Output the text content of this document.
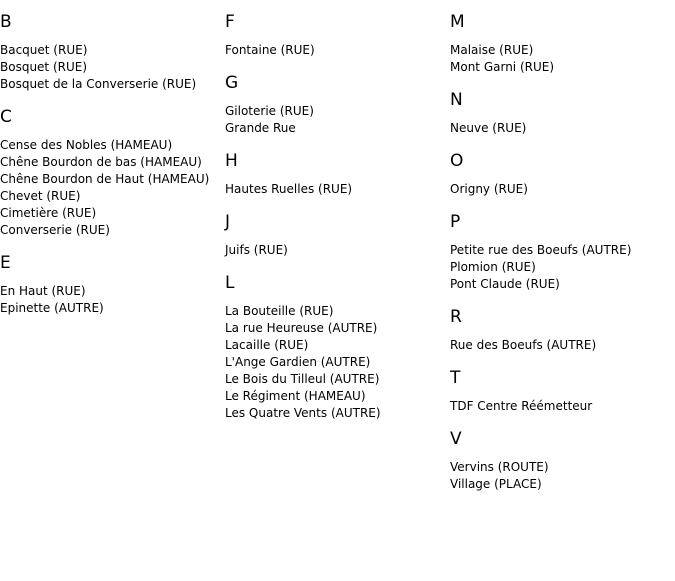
B
Bacquet (RUE)
Bosquet (RUE)
Bosquet de la Converserie (RUE)
C
Cense des Nobles (HAMEAU)
Chêne Bourdon de bas (HAMEAU)
Chêne Bourdon de Haut (HAMEAU)
Chevet (RUE)
Cimetière (RUE)
Converserie (RUE)
E
En Haut (RUE)
Epinette (AUTRE)
F
Fontaine (RUE)
G
Giloterie (RUE)
Grande Rue
H
Hautes Ruelles (RUE)
J
Juifs (RUE)
L
La Bouteille (RUE)
La rue Heureuse (AUTRE)
Lacaille (RUE)
L'Ange Gardien (AUTRE)
Le Bois du Tilleul (AUTRE)
Le Régiment (HAMEAU)
Les Quatre Vents (AUTRE)
M
Malaise (RUE)
Mont Garni (RUE)
N
Neuve (RUE)
O
Origny (RUE)
P
Petite rue des Boeufs (AUTRE)
Plomion (RUE)
Pont Claude (RUE)
R
Rue des Boeufs (AUTRE)
T
TDF Centre Réémetteur
V
Vervins (ROUTE)
Village (PLACE)
